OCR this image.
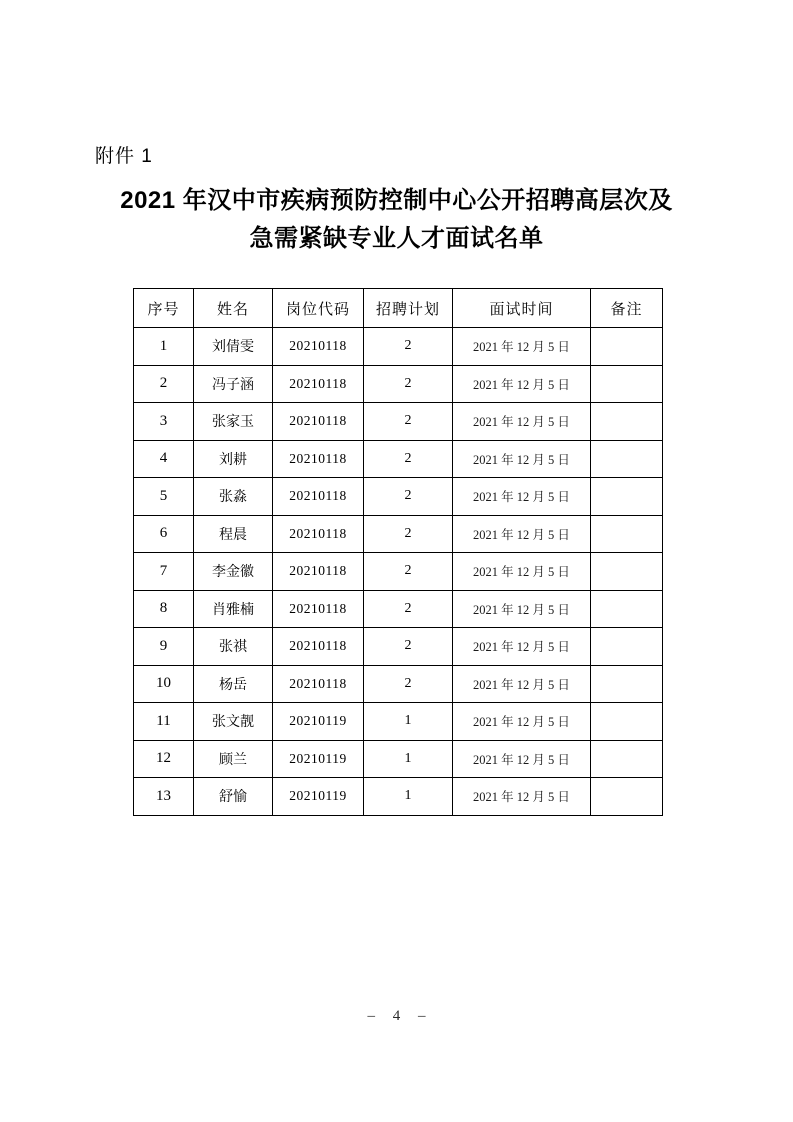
附件 1
2021 年汉中市疾病预防控制中心公开招聘高层次及
急需紧缺专业人才面试名单
序号	姓名	岗位代码	招聘计划	面试时间	备注
1	刘倩雯	20210118	2	2021 年 12 月 5 日	
2	冯子涵	20210118	2	2021 年 12 月 5 日	
3	张家玉	20210118	2	2021 年 12 月 5 日	
4	刘耕	20210118	2	2021 年 12 月 5 日	
5	张淼	20210118	2	2021 年 12 月 5 日	
6	程晨	20210118	2	2021 年 12 月 5 日	
7	李金徽	20210118	2	2021 年 12 月 5 日	
8	肖雅楠	20210118	2	2021 年 12 月 5 日	
9	张祺	20210118	2	2021 年 12 月 5 日	
10	杨岳	20210118	2	2021 年 12 月 5 日	
11	张文靓	20210119	1	2021 年 12 月 5 日	
12	顾兰	20210119	1	2021 年 12 月 5 日	
13	舒愉	20210119	1	2021 年 12 月 5 日	
– 4 –
